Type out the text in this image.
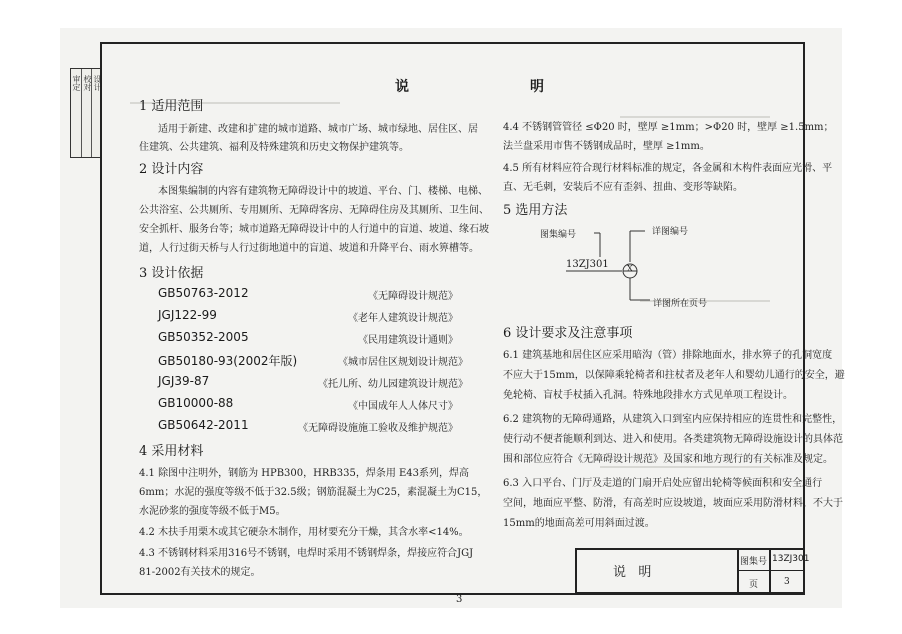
审定 校对 设计	说	明
1 适用范围
适用于新建、改建和扩建的城市道路、城市广场、城市绿地、居住区、居
住建筑、公共建筑、福利及特殊建筑和历史文物保护建筑等。
2 设计内容
本图集编制的内容有建筑物无障碍设计中的坡道、平台、门、楼梯、电梯、
公共浴室、公共厕所、专用厕所、无障碍客房、无障碍住房及其厕所、卫生间、
安全抓杆、服务台等；城市道路无障碍设计中的人行道中的盲道、坡道、缘石坡
道，人行过街天桥与人行过街地道中的盲道、坡道和升降平台、雨水箅槽等。
3 设计依据
GB50763-2012	《无障碍设计规范》
JGJ122-99	《老年人建筑设计规范》
GB50352-2005	《民用建筑设计通则》
GB50180-93(2002年版)	《城市居住区规划设计规范》
JGJ39-87	《托儿所、幼儿园建筑设计规范》
GB10000-88	《中国成年人人体尺寸》
GB50642-2011	《无障碍设施施工验收及维护规范》
4 采用材料
4.1 除图中注明外，钢筋为 HPB300，HRB335，焊条用 E43系列，焊高
6mm；水泥的强度等级不低于32.5级；钢筋混凝土为C25，素混凝土为C15，
水泥砂浆的强度等级不低于M5。
4.2 木扶手用栗木或其它硬杂木制作，用材要充分干燥，其含水率<14%。
4.3 不锈钢材料采用316号不锈钢，电焊时采用不锈钢焊条，焊接应符合JGJ
81-2002有关技术的规定。
4.4 不锈钢管管径 ≤Φ20 时，壁厚 ≥1mm；>Φ20 时，壁厚 ≥1.5mm；
法兰盘采用市售不锈钢成品时，壁厚 ≥1mm。
4.5 所有材料应符合现行材料标准的规定，各金属和木构件表面应光滑、平
直、无毛刺，安装后不应有歪斜、扭曲、变形等缺陷。
5 选用方法
图集编号	详图编号
13ZJ301
详图所在页号
X
6 设计要求及注意事项
6.1 建筑基地和居住区应采用暗沟（管）排除地面水，排水箅子的孔洞宽度
不应大于15mm，以保障乘轮椅者和拄杖者及老年人和婴幼儿通行的安全，避
免轮椅、盲杖手杖插入孔洞。特殊地段排水方式见单项工程设计。
6.2 建筑物的无障碍通路，从建筑入口到室内应保持相应的连贯性和完整性，
使行动不便者能顺利到达、进入和使用。各类建筑物无障碍设施设计的具体范
围和部位应符合《无障碍设计规范》及国家和地方现行的有关标准及规定。
6.3 入口平台、门厅及走道的门扇开启处应留出轮椅等候面积和安全通行
空间，地面应平整、防滑，有高差时应设坡道，坡面应采用防滑材料，不大于
15mm的地面高差可用斜面过渡。
说   明
图集号 13ZJ301
页	3
3
